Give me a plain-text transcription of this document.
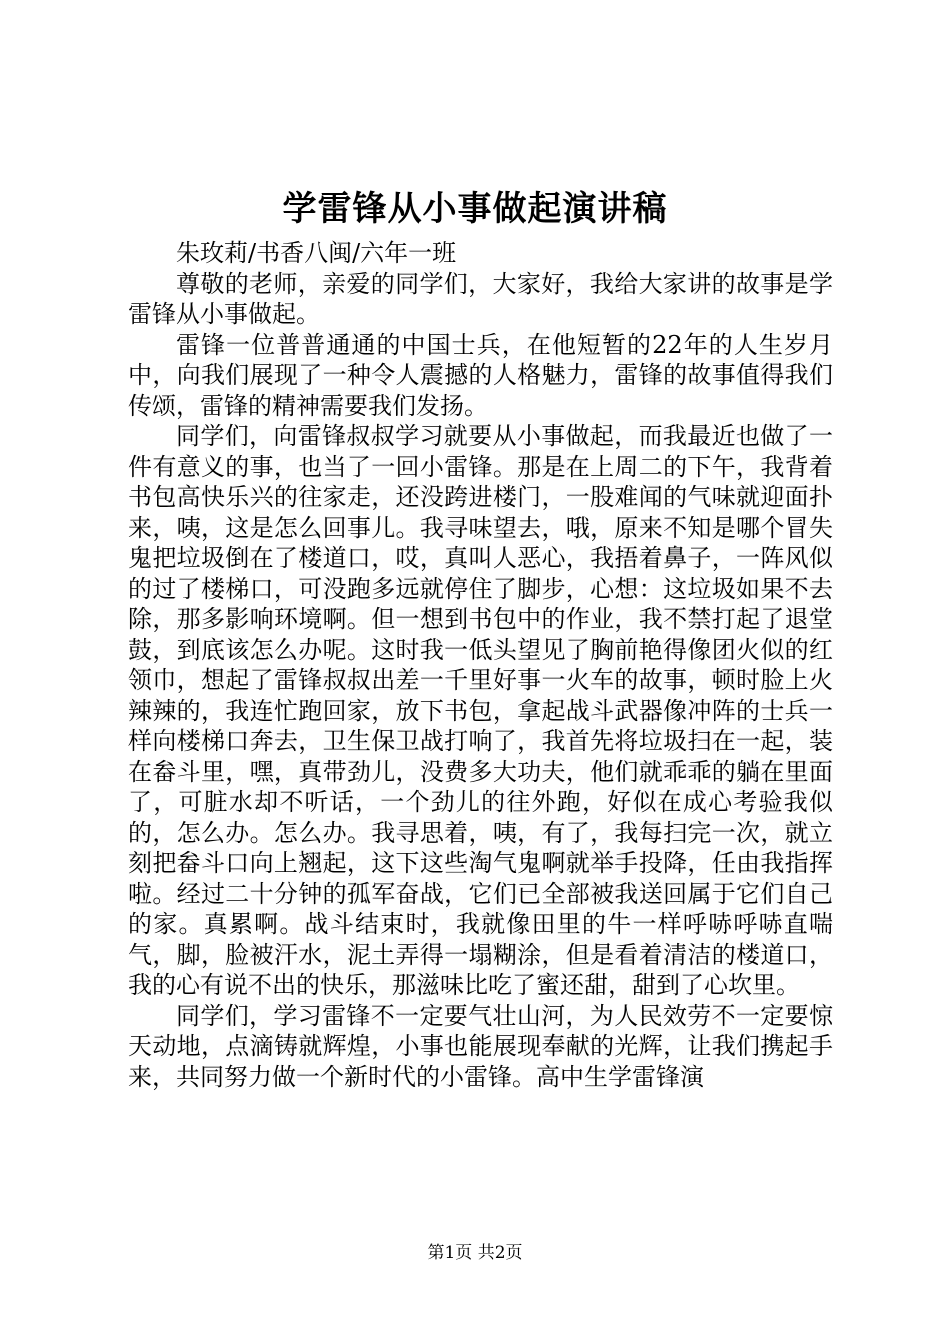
学雷锋从小事做起演讲稿

朱玫莉/书香八闽/六年一班

尊敬的老师，亲爱的同学们，大家好，我给大家讲的故事是学雷锋从小事做起。

雷锋一位普普通通的中国士兵，在他短暂的22年的人生岁月中，向我们展现了一种令人震撼的人格魅力，雷锋的故事值得我们传颂，雷锋的精神需要我们发扬。

同学们，向雷锋叔叔学习就要从小事做起，而我最近也做了一件有意义的事，也当了一回小雷锋。那是在上周二的下午，我背着书包高快乐兴的往家走，还没跨进楼门，一股难闻的气味就迎面扑来，咦，这是怎么回事儿。我寻味望去，哦，原来不知是哪个冒失鬼把垃圾倒在了楼道口，哎，真叫人恶心，我捂着鼻子，一阵风似的过了楼梯口，可没跑多远就停住了脚步，心想：这垃圾如果不去除，那多影响环境啊。但一想到书包中的作业，我不禁打起了退堂鼓，到底该怎么办呢。这时我一低头望见了胸前艳得像团火似的红领巾，想起了雷锋叔叔出差一千里好事一火车的故事，顿时脸上火辣辣的，我连忙跑回家，放下书包，拿起战斗武器像冲阵的士兵一样向楼梯口奔去，卫生保卫战打响了，我首先将垃圾扫在一起，装在畚斗里，嘿，真带劲儿，没费多大功夫，他们就乖乖的躺在里面了，可脏水却不听话，一个劲儿的往外跑，好似在成心考验我似的，怎么办。怎么办。我寻思着，咦，有了，我每扫完一次，就立刻把畚斗口向上翘起，这下这些淘气鬼啊就举手投降，任由我指挥啦。经过二十分钟的孤军奋战，它们已全部被我送回属于它们自己的家。真累啊。战斗结束时，我就像田里的牛一样呼哧呼哧直喘气，脚，脸被汗水，泥土弄得一塌糊涂，但是看着清洁的楼道口，我的心有说不出的快乐，那滋味比吃了蜜还甜，甜到了心坎里。

同学们，学习雷锋不一定要气壮山河，为人民效劳不一定要惊天动地，点滴铸就辉煌，小事也能展现奉献的光辉，让我们携起手来，共同努力做一个新时代的小雷锋。高中生学雷锋演

第1页 共2页
